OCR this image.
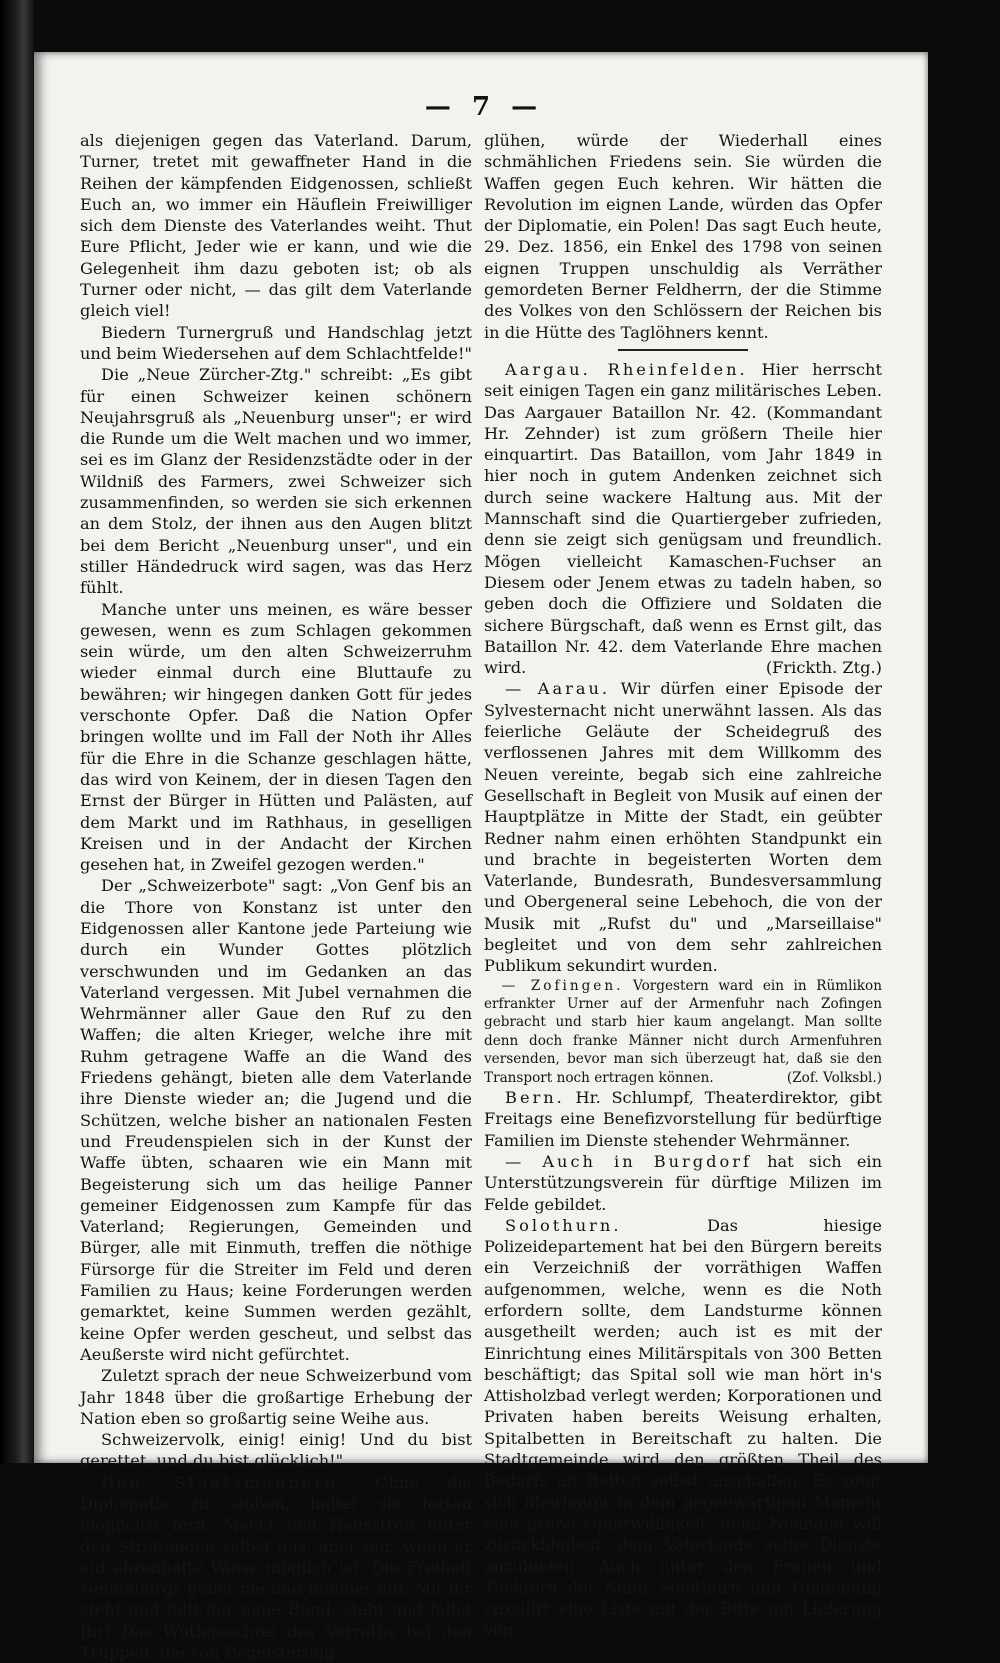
— 7 —

als diejenigen gegen das Vaterland. Darum, Turner, tretet mit gewaffneter Hand in die Reihen der kämpfenden Eidgenossen, schließt Euch an, wo immer ein Häuflein Freiwilliger sich dem Dienste des Vaterlandes weiht. Thut Eure Pflicht, Jeder wie er kann, und wie die Gelegenheit ihm dazu geboten ist; ob als Turner oder nicht, — das gilt dem Vaterlande gleich viel!

Biedern Turnergruß und Handschlag jetzt und beim Wiedersehen auf dem Schlachtfelde!"

Die „Neue Zürcher-Ztg." schreibt: „Es gibt für einen Schweizer keinen schönern Neujahrsgruß als „Neuenburg unser"; er wird die Runde um die Welt machen und wo immer, sei es im Glanz der Residenzstädte oder in der Wildniß des Farmers, zwei Schweizer sich zusammenfinden, so werden sie sich erkennen an dem Stolz, der ihnen aus den Augen blitzt bei dem Bericht „Neuenburg unser", und ein stiller Händedruck wird sagen, was das Herz fühlt.

Manche unter uns meinen, es wäre besser gewesen, wenn es zum Schlagen gekommen sein würde, um den alten Schweizerruhm wieder einmal durch eine Bluttaufe zu bewähren; wir hingegen danken Gott für jedes verschonte Opfer. Daß die Nation Opfer bringen wollte und im Fall der Noth ihr Alles für die Ehre in die Schanze geschlagen hätte, das wird von Keinem, der in diesen Tagen den Ernst der Bürger in Hütten und Palästen, auf dem Markt und im Rathhaus, in geselligen Kreisen und in der Andacht der Kirchen gesehen hat, in Zweifel gezogen werden."

Der „Schweizerbote" sagt: „Von Genf bis an die Thore von Konstanz ist unter den Eidgenossen aller Kantone jede Parteiung wie durch ein Wunder Gottes plötzlich verschwunden und im Gedanken an das Vaterland vergessen. Mit Jubel vernahmen die Wehrmänner aller Gaue den Ruf zu den Waffen; die alten Krieger, welche ihre mit Ruhm getragene Waffe an die Wand des Friedens gehängt, bieten alle dem Vaterlande ihre Dienste wieder an; die Jugend und die Schützen, welche bisher an nationalen Festen und Freudenspielen sich in der Kunst der Waffe übten, schaaren wie ein Mann mit Begeisterung sich um das heilige Panner gemeiner Eidgenossen zum Kampfe für das Vaterland; Regierungen, Gemeinden und Bürger, alle mit Einmuth, treffen die nöthige Fürsorge für die Streiter im Feld und deren Familien zu Haus; keine Forderungen werden gemarktet, keine Summen werden gezählt, keine Opfer werden gescheut, und selbst das Aeußerste wird nicht gefürchtet.

Zuletzt sprach der neue Schweizerbund vom Jahr 1848 über die großartige Erhebung der Nation eben so großartig seine Weihe aus.

Schweizervolk, einig! einig! Und du bist gerettet, und du bist glücklich!"

Den Staatsmännern. Ohne die Diplomatie zu stoßen, haltet sie fortan möglichst fern. Macht den Hausstreit unter den Streitenden selbst aus, aber nur, wenn er auf ehrenhafte Weise möglich ist. Die Freiheit Neuenburgs gebet nie und nimmer auf. Mit ihr steht und fällt der neue Bund, steht und fallet Ihr! Das Wuthgeschrei des Verraths bei den Truppen, die von Begeisterung

glühen, würde der Wiederhall eines schmählichen Friedens sein. Sie würden die Waffen gegen Euch kehren. Wir hätten die Revolution im eignen Lande, würden das Opfer der Diplomatie, ein Polen! Das sagt Euch heute, 29. Dez. 1856, ein Enkel des 1798 von seinen eignen Truppen unschuldig als Verräther gemordeten Berner Feldherrn, der die Stimme des Volkes von den Schlössern der Reichen bis in die Hütte des Taglöhners kennt.

Aargau. Rheinfelden. Hier herrscht seit einigen Tagen ein ganz militärisches Leben. Das Aargauer Bataillon Nr. 42. (Kommandant Hr. Zehnder) ist zum größern Theile hier einquartirt. Das Bataillon, vom Jahr 1849 in hier noch in gutem Andenken zeichnet sich durch seine wackere Haltung aus. Mit der Mannschaft sind die Quartiergeber zufrieden, denn sie zeigt sich genügsam und freundlich. Mögen vielleicht Kamaschen-Fuchser an Diesem oder Jenem etwas zu tadeln haben, so geben doch die Offiziere und Soldaten die sichere Bürgschaft, daß wenn es Ernst gilt, das Bataillon Nr. 42. dem Vaterlande Ehre machen wird.	(Frickth. Ztg.)

— Aarau. Wir dürfen einer Episode der Sylvesternacht nicht unerwähnt lassen. Als das feierliche Geläute der Scheidegruß des verflossenen Jahres mit dem Willkomm des Neuen vereinte, begab sich eine zahlreiche Gesellschaft in Begleit von Musik auf einen der Hauptplätze in Mitte der Stadt, ein geübter Redner nahm einen erhöhten Standpunkt ein und brachte in begeisterten Worten dem Vaterlande, Bundesrath, Bundesversammlung und Obergeneral seine Lebehoch, die von der Musik mit „Rufst du" und „Marseillaise" begleitet und von dem sehr zahlreichen Publikum sekundirt wurden.

— Zofingen. Vorgestern ward ein in Rümlikon erfrankter Urner auf der Armenfuhr nach Zofingen gebracht und starb hier kaum angelangt. Man sollte denn doch franke Männer nicht durch Armenfuhren versenden, bevor man sich überzeugt hat, daß sie den Transport noch ertragen können.	(Zof. Volksbl.)

Bern. Hr. Schlumpf, Theaterdirektor, gibt Freitags eine Benefizvorstellung für bedürftige Familien im Dienste stehender Wehrmänner.

— Auch in Burgdorf hat sich ein Unterstützungsverein für dürftige Milizen im Felde gebildet.

Solothurn.	Das hiesige Polizeidepartement hat bei den Bürgern bereits ein Verzeichniß der vorräthigen Waffen aufgenommen, welche, wenn es die Noth erfordern sollte, dem Landsturme können ausgetheilt werden; auch ist es mit der Einrichtung eines Militärspitals von 300 Betten beschäftigt; das Spital soll wie man hört in's Attisholzbad verlegt werden; Korporationen und Privaten haben bereits Weisung erhalten, Spitalbetten in Bereitschaft zu halten. Die Stadtgemeinde wird den größten Theil des Bedarfs an Betten selbst anschaffen. Es zeigt sich überhaupt in dem gegenwärtigen Moment eine große Opferwilligkeit; denn Niemand will zurückbleiben, dem Vaterlande seine Dienste anzubieten. Auch unter den Frauen und Töchtern der Stadt Solothurn und Umgebung circulirt eine Liste mit der Bitte um Lieferung von
